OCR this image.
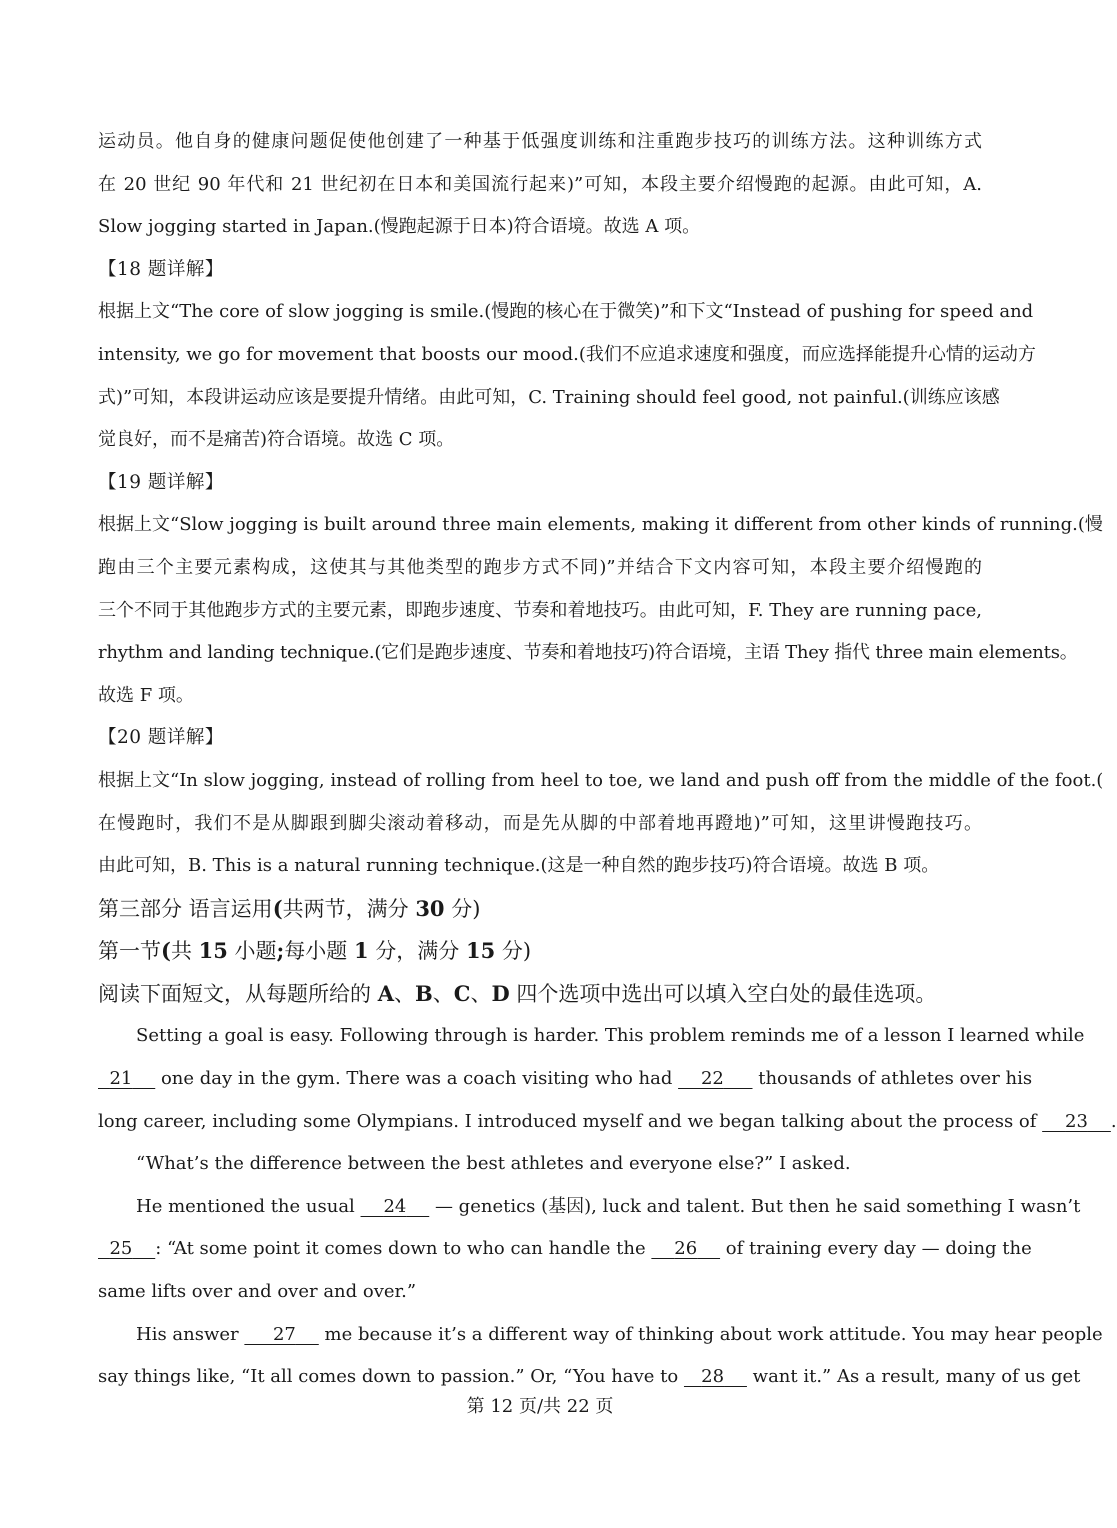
运动员。他自身的健康问题促使他创建了一种基于低强度训练和注重跑步技巧的训练方法。这种训练方式
在 20 世纪 90 年代和 21 世纪初在日本和美国流行起来)”可知，本段主要介绍慢跑的起源。由此可知，A.
Slow jogging started in Japan.(慢跑起源于日本)符合语境。故选 A 项。
【18 题详解】
根据上文“The core of slow jogging is smile.(慢跑的核心在于微笑)”和下文“Instead of pushing for speed and
intensity, we go for movement that boosts our mood.(我们不应追求速度和强度，而应选择能提升心情的运动方
式)”可知，本段讲运动应该是要提升情绪。由此可知，C. Training should feel good, not painful.(训练应该感
觉良好，而不是痛苦)符合语境。故选 C 项。
【19 题详解】
根据上文“Slow jogging is built around three main elements, making it different from other kinds of running.(慢
跑由三个主要元素构成，这使其与其他类型的跑步方式不同)”并结合下文内容可知，本段主要介绍慢跑的
三个不同于其他跑步方式的主要元素，即跑步速度、节奏和着地技巧。由此可知，F. They are running pace,
rhythm and landing technique.(它们是跑步速度、节奏和着地技巧)符合语境，主语 They 指代 three main elements。
故选 F 项。
【20 题详解】
根据上文“In slow jogging, instead of rolling from heel to toe, we land and push off from the middle of the foot.(
在慢跑时，我们不是从脚跟到脚尖滚动着移动，而是先从脚的中部着地再蹬地)”可知，这里讲慢跑技巧。
由此可知，B. This is a natural running technique.(这是一种自然的跑步技巧)符合语境。故选 B 项。
第三部分 语言运用(共两节，满分 30 分)
第一节(共 15 小题;每小题 1 分，满分 15 分)
阅读下面短文，从每题所给的 A、B、C、D 四个选项中选出可以填入空白处的最佳选项。
Setting a goal is easy. Following through is harder. This problem reminds me of a lesson I learned while
21     one day in the gym. There was a coach visiting who had     22      thousands of athletes over his
long career, including some Olympians. I introduced myself and we began talking about the process of     23 .
“What’s the difference between the best athletes and everyone else?” I asked.
He mentioned the usual     24     — genetics (基因), luck and talent. But then he said something I wasn’t
25 : “At some point it comes down to who can handle the     26     of training every day — doing the
same lifts over and over and over.”
His answer      27     me because it’s a different way of thinking about work attitude. You may hear people
say things like, “It all comes down to passion.” Or, “You have to    28     want it.” As a result, many of us get
第 12 页/共 22 页
